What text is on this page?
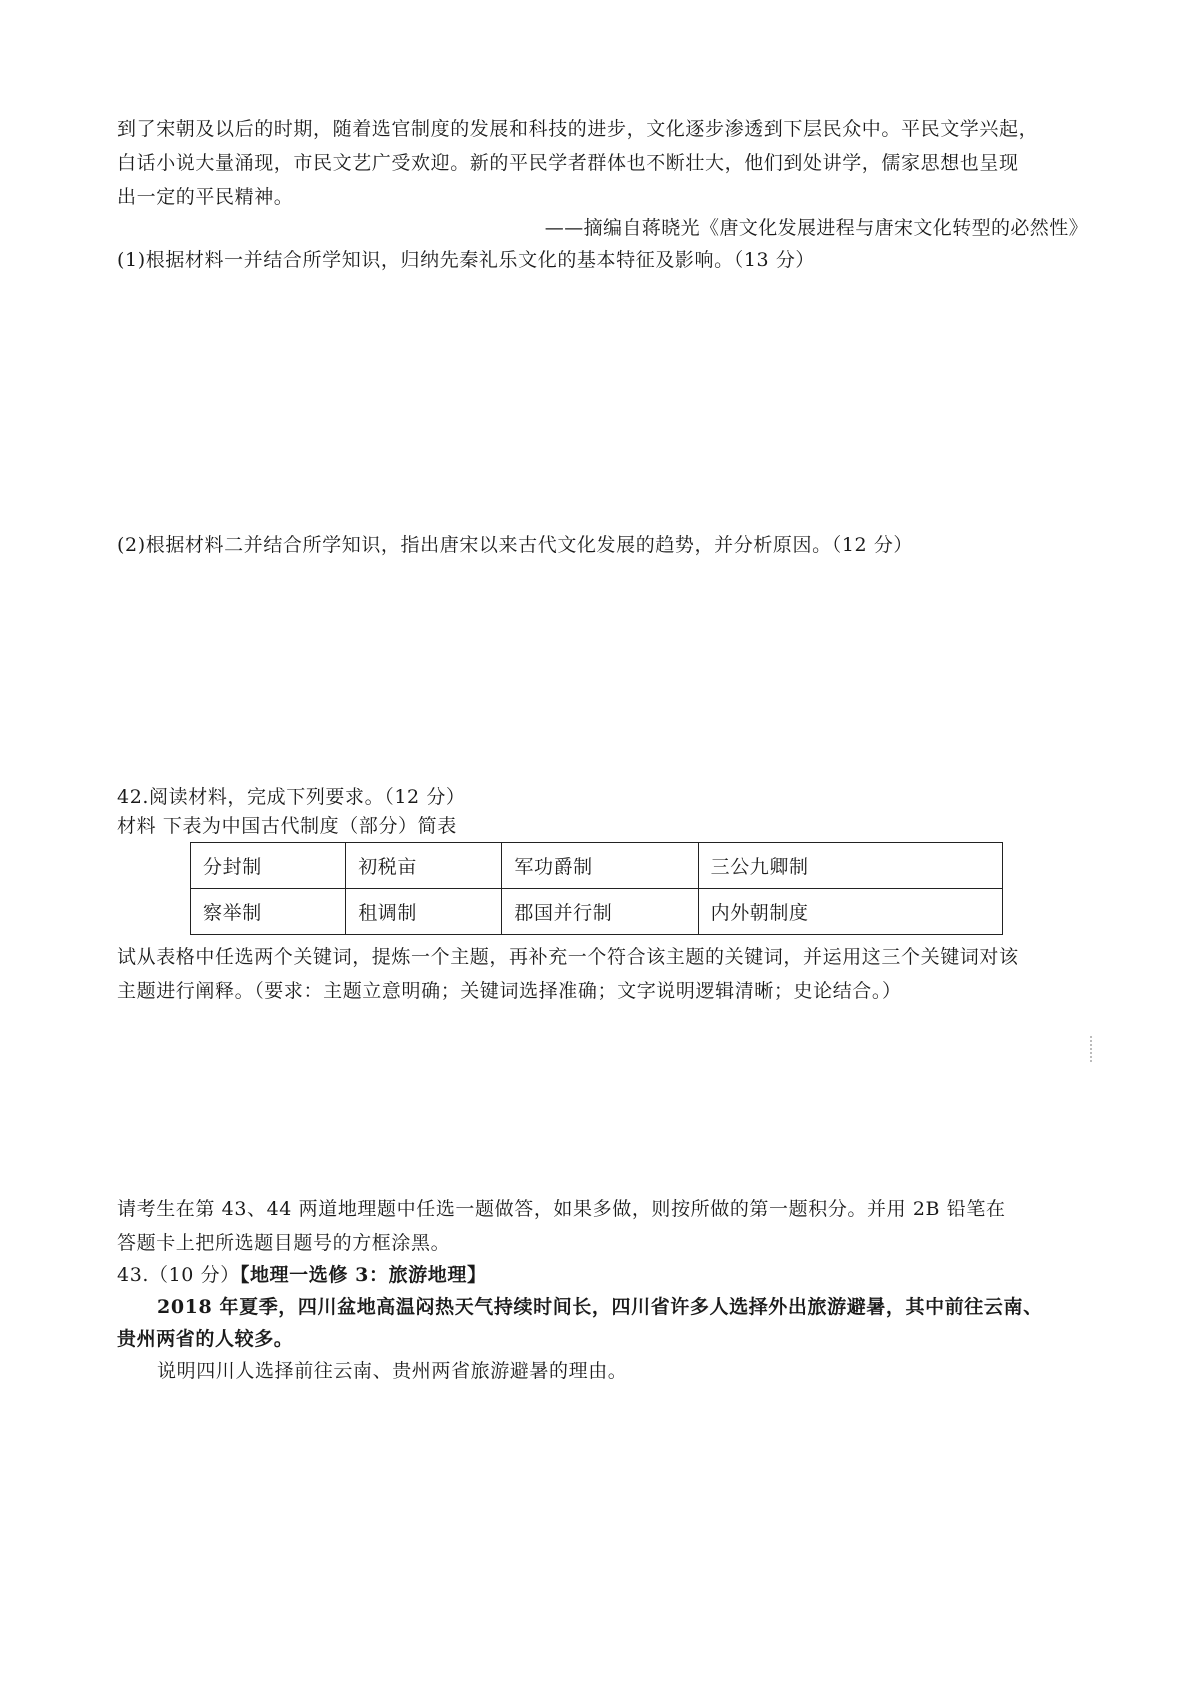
到了宋朝及以后的时期，随着选官制度的发展和科技的进步，文化逐步渗透到下层民众中。平民文学兴起，
白话小说大量涌现，市民文艺广受欢迎。新的平民学者群体也不断壮大，他们到处讲学，儒家思想也呈现
出一定的平民精神。
——摘编自蒋晓光《唐文化发展进程与唐宋文化转型的必然性》
(1)根据材料一并结合所学知识，归纳先秦礼乐文化的基本特征及影响。（13 分）
(2)根据材料二并结合所学知识，指出唐宋以来古代文化发展的趋势，并分析原因。（12 分）
42.阅读材料，完成下列要求。（12 分）
材料 下表为中国古代制度（部分）简表
分封制	初税亩	军功爵制	三公九卿制
察举制	租调制	郡国并行制	内外朝制度
试从表格中任选两个关键词，提炼一个主题，再补充一个符合该主题的关键词，并运用这三个关键词对该
主题进行阐释。（要求：主题立意明确；关键词选择准确；文字说明逻辑清晰；史论结合。）
请考生在第 43、44 两道地理题中任选一题做答，如果多做，则按所做的第一题积分。并用 2B 铅笔在
答题卡上把所选题目题号的方框涂黑。
43.（10 分）【地理一选修 3：旅游地理】
2018 年夏季，四川盆地高温闷热天气持续时间长，四川省许多人选择外出旅游避暑，其中前往云南、
贵州两省的人较多。
说明四川人选择前往云南、贵州两省旅游避暑的理由。
